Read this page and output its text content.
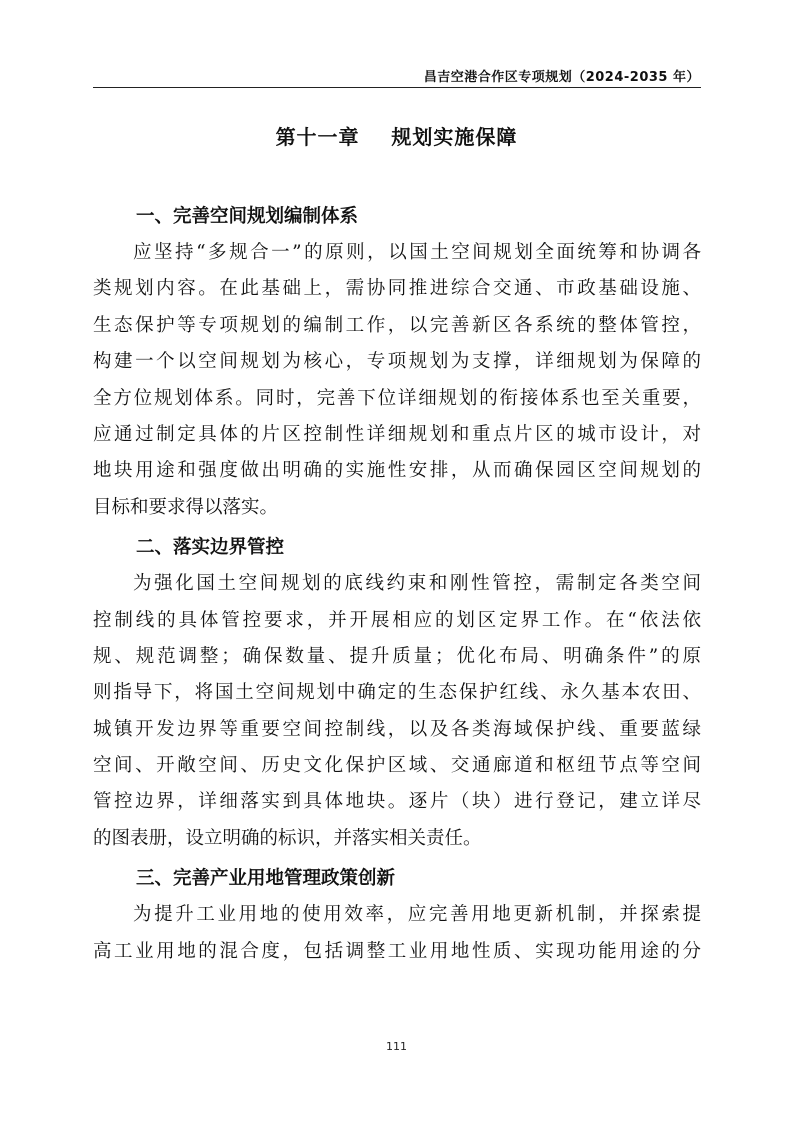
昌吉空港合作区专项规划（2024-2035 年）
第十一章    规划实施保障
一、完善空间规划编制体系
应坚持“多规合一”的原则，以国土空间规划全面统筹和协调各
类规划内容。在此基础上，需协同推进综合交通、市政基础设施、
生态保护等专项规划的编制工作，以完善新区各系统的整体管控，
构建一个以空间规划为核心，专项规划为支撑，详细规划为保障的
全方位规划体系。同时，完善下位详细规划的衔接体系也至关重要，
应通过制定具体的片区控制性详细规划和重点片区的城市设计，对
地块用途和强度做出明确的实施性安排，从而确保园区空间规划的
目标和要求得以落实。
二、落实边界管控
为强化国土空间规划的底线约束和刚性管控，需制定各类空间
控制线的具体管控要求，并开展相应的划区定界工作。在“依法依
规、规范调整；确保数量、提升质量；优化布局、明确条件”的原
则指导下，将国土空间规划中确定的生态保护红线、永久基本农田、
城镇开发边界等重要空间控制线，以及各类海域保护线、重要蓝绿
空间、开敞空间、历史文化保护区域、交通廊道和枢纽节点等空间
管控边界，详细落实到具体地块。逐片（块）进行登记，建立详尽
的图表册，设立明确的标识，并落实相关责任。
三、完善产业用地管理政策创新
为提升工业用地的使用效率，应完善用地更新机制，并探索提
高工业用地的混合度，包括调整工业用地性质、实现功能用途的分
111
